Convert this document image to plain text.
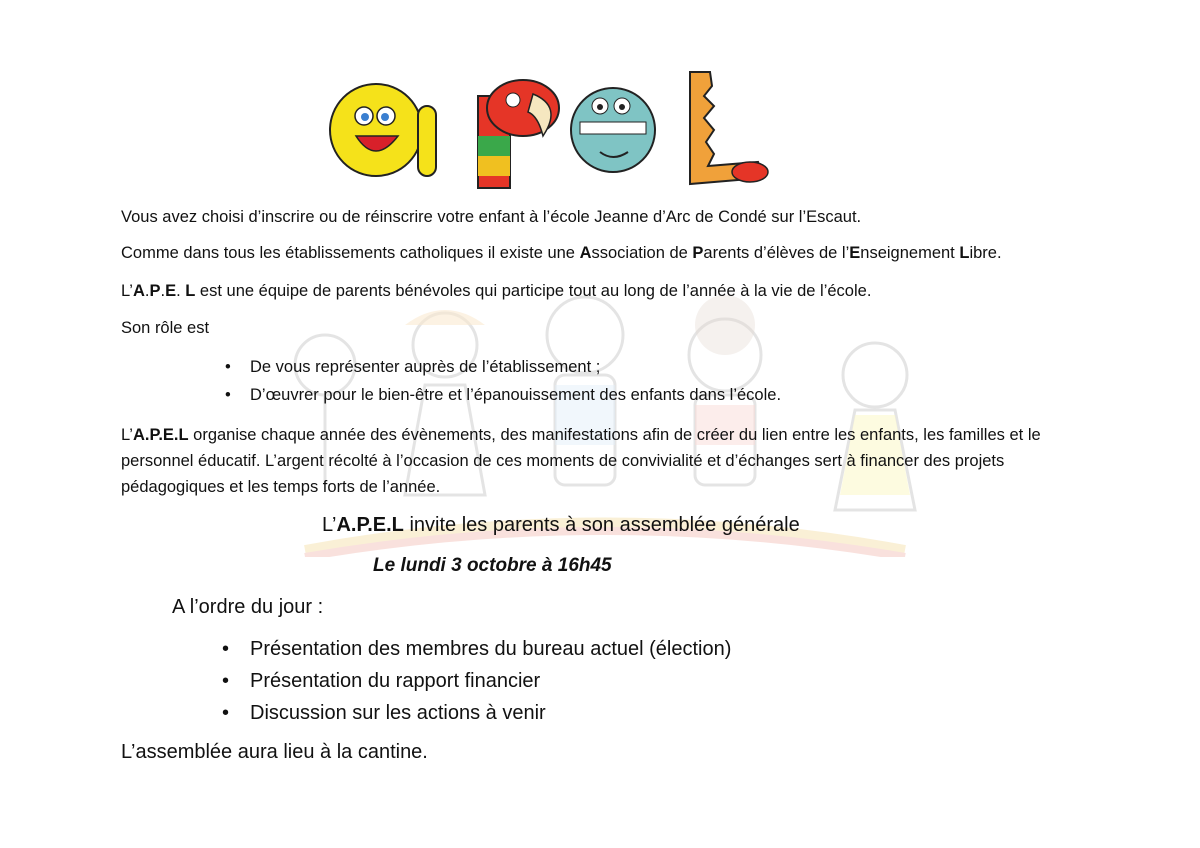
Vous avez choisi d’inscrire ou de réinscrire votre enfant à l’école Jeanne d’Arc de Condé sur l’Escaut.

Comme dans tous les établissements catholiques il existe une Association de Parents d’élèves de l’Enseignement Libre.

L’A.P.E. L est une équipe de parents bénévoles qui participe tout au long de l’année à la vie de l’école.

Son rôle est

• De vous représenter auprès de l’établissement ;
• D’œuvrer pour le bien-être et l’épanouissement des enfants dans l’école.

L’A.P.E.L organise chaque année des évènements, des manifestations afin de créer du lien entre les enfants, les familles et le personnel éducatif. L’argent récolté à l’occasion de ces moments de convivialité et d’échanges sert à financer des projets pédagogiques et les temps forts de l’année.

L’A.P.E.L invite les parents à son assemblée générale
Le lundi 3 octobre à 16h45
A l’ordre du jour :
• Présentation des membres du bureau actuel (élection)
• Présentation du rapport financier
• Discussion sur les actions à venir
L’assemblée aura lieu à la cantine.
